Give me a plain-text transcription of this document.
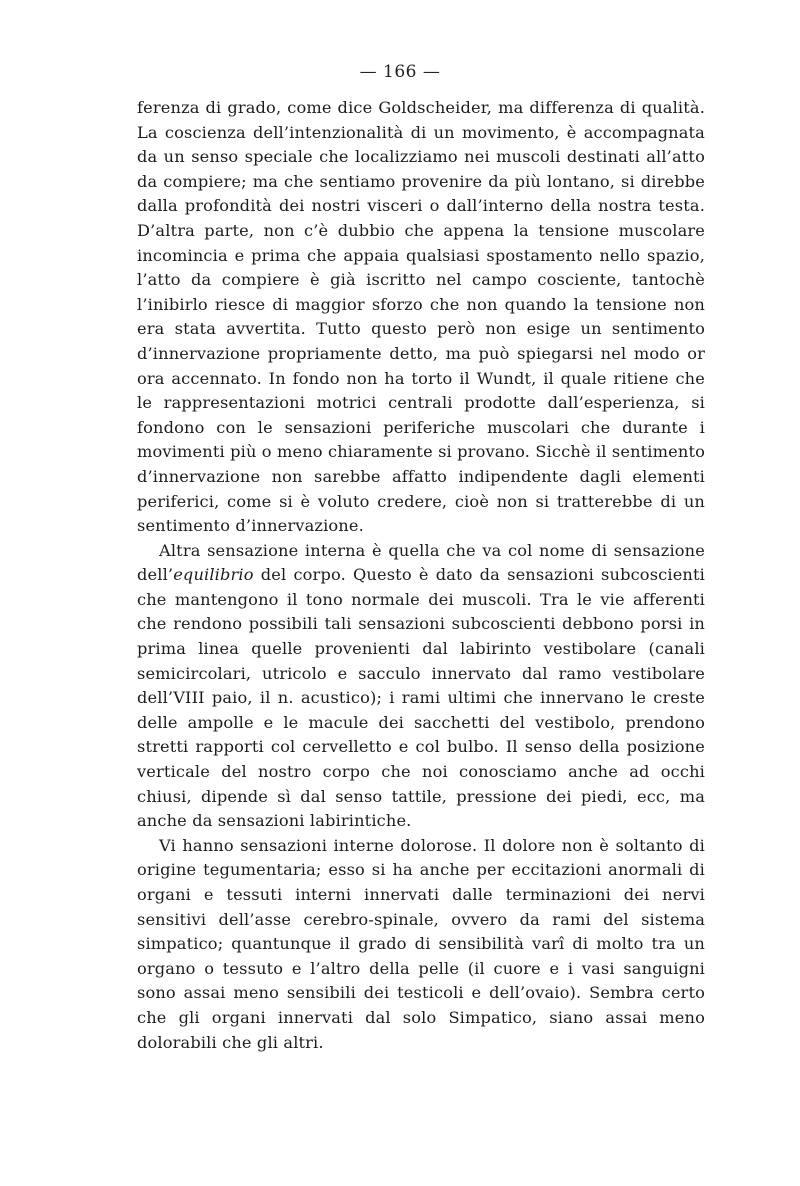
— 166 —

ferenza di grado, come dice Goldscheider, ma differenza di qualità. La coscienza dell’intenzionalità di un movimento, è accompagnata da un senso speciale che localizziamo nei muscoli destinati all’atto da compiere; ma che sentiamo provenire da più lontano, si direbbe dalla profondità dei nostri visceri o dall’interno della nostra testa. D’altra parte, non c’è dubbio che appena la tensione muscolare incomincia e prima che appaia qualsiasi spostamento nello spazio, l’atto da compiere è già iscritto nel campo cosciente, tantochè l’inibirlo riesce di maggior sforzo che non quando la tensione non era stata avvertita. Tutto questo però non esige un sentimento d’innervazione propriamente detto, ma può spiegarsi nel modo or ora accennato. In fondo non ha torto il Wundt, il quale ritiene che le rappresentazioni motrici centrali prodotte dall’esperienza, si fondono con le sensazioni periferiche muscolari che durante i movimenti più o meno chiaramente si provano. Sicchè il sentimento d’innervazione non sarebbe affatto indipendente dagli elementi periferici, come si è voluto credere, cioè non si tratterebbe di un sentimento d’innervazione.

Altra sensazione interna è quella che va col nome di sensazione dell’equilibrio del corpo. Questo è dato da sensazioni subcoscienti che mantengono il tono normale dei muscoli. Tra le vie afferenti che rendono possibili tali sensazioni subcoscienti debbono porsi in prima linea quelle provenienti dal labirinto vestibolare (canali semicircolari, utricolo e sacculo innervato dal ramo vestibolare dell’VIII paio, il n. acustico); i rami ultimi che innervano le creste delle ampolle e le macule dei sacchetti del vestibolo, prendono stretti rapporti col cervelletto e col bulbo. Il senso della posizione verticale del nostro corpo che noi conosciamo anche ad occhi chiusi, dipende sì dal senso tattile, pressione dei piedi, ecc, ma anche da sensazioni labirintiche.

Vi hanno sensazioni interne dolorose. Il dolore non è soltanto di origine tegumentaria; esso si ha anche per eccitazioni anormali di organi e tessuti interni innervati dalle terminazioni dei nervi sensitivi dell’asse cerebro-spinale, ovvero da rami del sistema simpatico; quantunque il grado di sensibilità varî di molto tra un organo o tessuto e l’altro della pelle (il cuore e i vasi sanguigni sono assai meno sensibili dei testicoli e dell’ovaio). Sembra certo che gli organi innervati dal solo Simpatico, siano assai meno dolorabili che gli altri.
